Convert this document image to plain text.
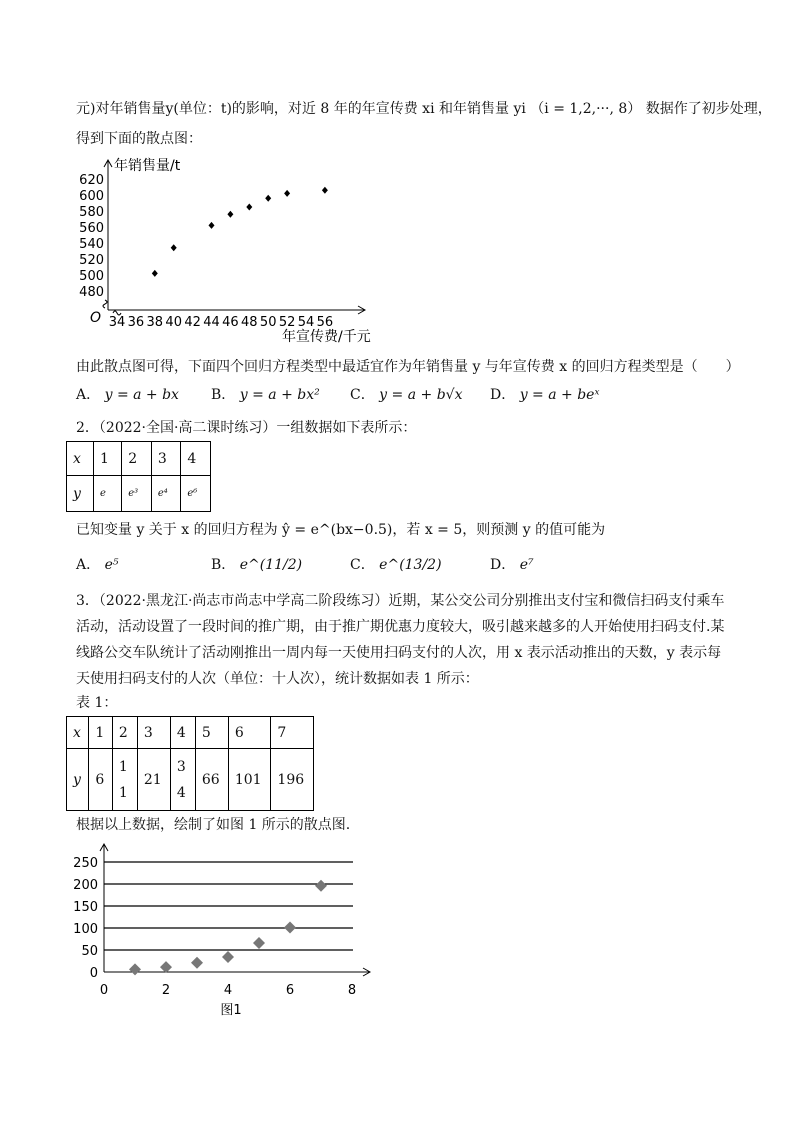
元)对年销售量y(单位：t)的影响，对近 8 年的年宣传费 xi 和年销售量 yi （i = 1,2,···, 8） 数据作了初步处理，
得到下面的散点图：
年销售量/t
年宣传费/千元
O
480
500
520
540
560
580
600
620
34 36 38 40 42 44 46 48 50 52 54 56
由此散点图可得，下面四个回归方程类型中最适宜作为年销售量 y 与年宣传费 x 的回归方程类型是（　　）
A． y = a + bx B． y = a + bx² C． y = a + b√x D． y = a + beˣ
2．（2022·全国·高二课时练习）一组数据如下表所示：
x	1	2	3	4
y	e	e³	e⁴	e⁶
已知变量 y 关于 x 的回归方程为 ŷ = e^(bx−0.5)，若 x = 5，则预测 y 的值可能为
A． e⁵	B． e^(11/2)	C． e^(13/2)	D． e⁷
3．（2022·黑龙江·尚志市尚志中学高二阶段练习）近期，某公交公司分别推出支付宝和微信扫码支付乘车
活动，活动设置了一段时间的推广期，由于推广期优惠力度较大，吸引越来越多的人开始使用扫码支付.某
线路公交车队统计了活动刚推出一周内每一天使用扫码支付的人次，用 x 表示活动推出的天数，y 表示每
天使用扫码支付的人次（单位：十人次），统计数据如表 1 所示：
表 1：
x	1	2	3	4	5	6	7
y	6	11	21	34	66	101	196
根据以上数据，绘制了如图 1 所示的散点图.
0
50
100
150
200
250
0	2	4	6	8
图1
